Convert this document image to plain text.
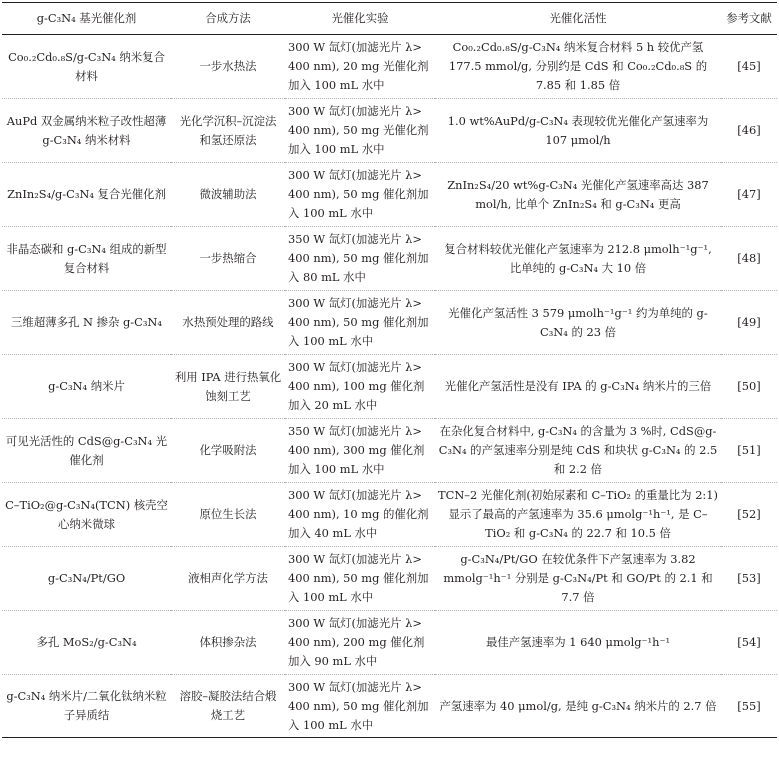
g-C₃N₄ 基光催化剂	合成方法	光催化实验	光催化活性	参考文献
Co₀.₂Cd₀.₈S/g-C₃N₄ 纳米复合材料	一步水热法	300 W 氙灯(加滤光片 λ> 400 nm), 20 mg 光催化剂加入 100 mL 水中	Co₀.₂Cd₀.₈S/g-C₃N₄ 纳米复合材料 5 h 较优产氢 177.5 mmol/g, 分别约是 CdS 和 Co₀.₂Cd₀.₈S 的 7.85 和 1.85 倍	[45]
AuPd 双金属纳米粒子改性超薄 g-C₃N₄ 纳米材料	光化学沉积–沉淀法和氢还原法	300 W 氙灯(加滤光片 λ> 400 nm), 50 mg 光催化剂加入 100 mL 水中	1.0 wt%AuPd/g-C₃N₄ 表现较优光催化产氢速率为 107 μmol/h	[46]
ZnIn₂S₄/g-C₃N₄ 复合光催化剂	微波辅助法	300 W 氙灯(加滤光片 λ> 400 nm), 50 mg 催化剂加入 100 mL 水中	ZnIn₂S₄/20 wt%g-C₃N₄ 光催化产氢速率高达 387 mol/h, 比单个 ZnIn₂S₄ 和 g-C₃N₄ 更高	[47]
非晶态碳和 g-C₃N₄ 组成的新型复合材料	一步热缩合	350 W 氙灯(加滤光片 λ> 400 nm), 50 mg 催化剂加入 80 mL 水中	复合材料较优光催化产氢速率为 212.8 μmolh⁻¹g⁻¹, 比单纯的 g-C₃N₄ 大 10 倍	[48]
三维超薄多孔 N 掺杂 g-C₃N₄	水热预处理的路线	300 W 氙灯(加滤光片 λ> 400 nm), 50 mg 催化剂加入 100 mL 水中	光催化产氢活性 3 579 μmolh⁻¹g⁻¹ 约为单纯的 g-C₃N₄ 的 23 倍	[49]
g-C₃N₄ 纳米片	利用 IPA 进行热氧化蚀刻工艺	300 W 氙灯(加滤光片 λ> 400 nm), 100 mg 催化剂加入 20 mL 水中	光催化产氢活性是没有 IPA 的 g-C₃N₄ 纳米片的三倍	[50]
可见光活性的 CdS@g-C₃N₄ 光催化剂	化学吸附法	350 W 氙灯(加滤光片 λ> 400 nm), 300 mg 催化剂加入 100 mL 水中	在杂化复合材料中, g-C₃N₄ 的含量为 3 %时, CdS@g-C₃N₄ 的产氢速率分别是纯 CdS 和块状 g-C₃N₄ 的 2.5 和 2.2 倍	[51]
C–TiO₂@g-C₃N₄(TCN) 核壳空心纳米微球	原位生长法	300 W 氙灯(加滤光片 λ> 400 nm), 10 mg 的催化剂加入 40 mL 水中	TCN–2 光催化剂(初始尿素和 C–TiO₂ 的重量比为 2:1)显示了最高的产氢速率为 35.6 μmolg⁻¹h⁻¹, 是 C–TiO₂ 和 g-C₃N₄ 的 22.7 和 10.5 倍	[52]
g-C₃N₄/Pt/GO	液相声化学方法	300 W 氙灯(加滤光片 λ> 400 nm), 50 mg 催化剂加入 100 mL 水中	g-C₃N₄/Pt/GO 在较优条件下产氢速率为 3.82 mmolg⁻¹h⁻¹ 分别是 g-C₃N₄/Pt 和 GO/Pt 的 2.1 和 7.7 倍	[53]
多孔 MoS₂/g-C₃N₄	体积掺杂法	300 W 氙灯(加滤光片 λ> 400 nm), 200 mg 催化剂加入 90 mL 水中	最佳产氢速率为 1 640 μmolg⁻¹h⁻¹	[54]
g-C₃N₄ 纳米片/二氧化钛纳米粒子异质结	溶胶–凝胶法结合煅烧工艺	300 W 氙灯(加滤光片 λ> 400 nm), 50 mg 催化剂加入 100 mL 水中	产氢速率为 40 μmol/g, 是纯 g-C₃N₄ 纳米片的 2.7 倍	[55]
